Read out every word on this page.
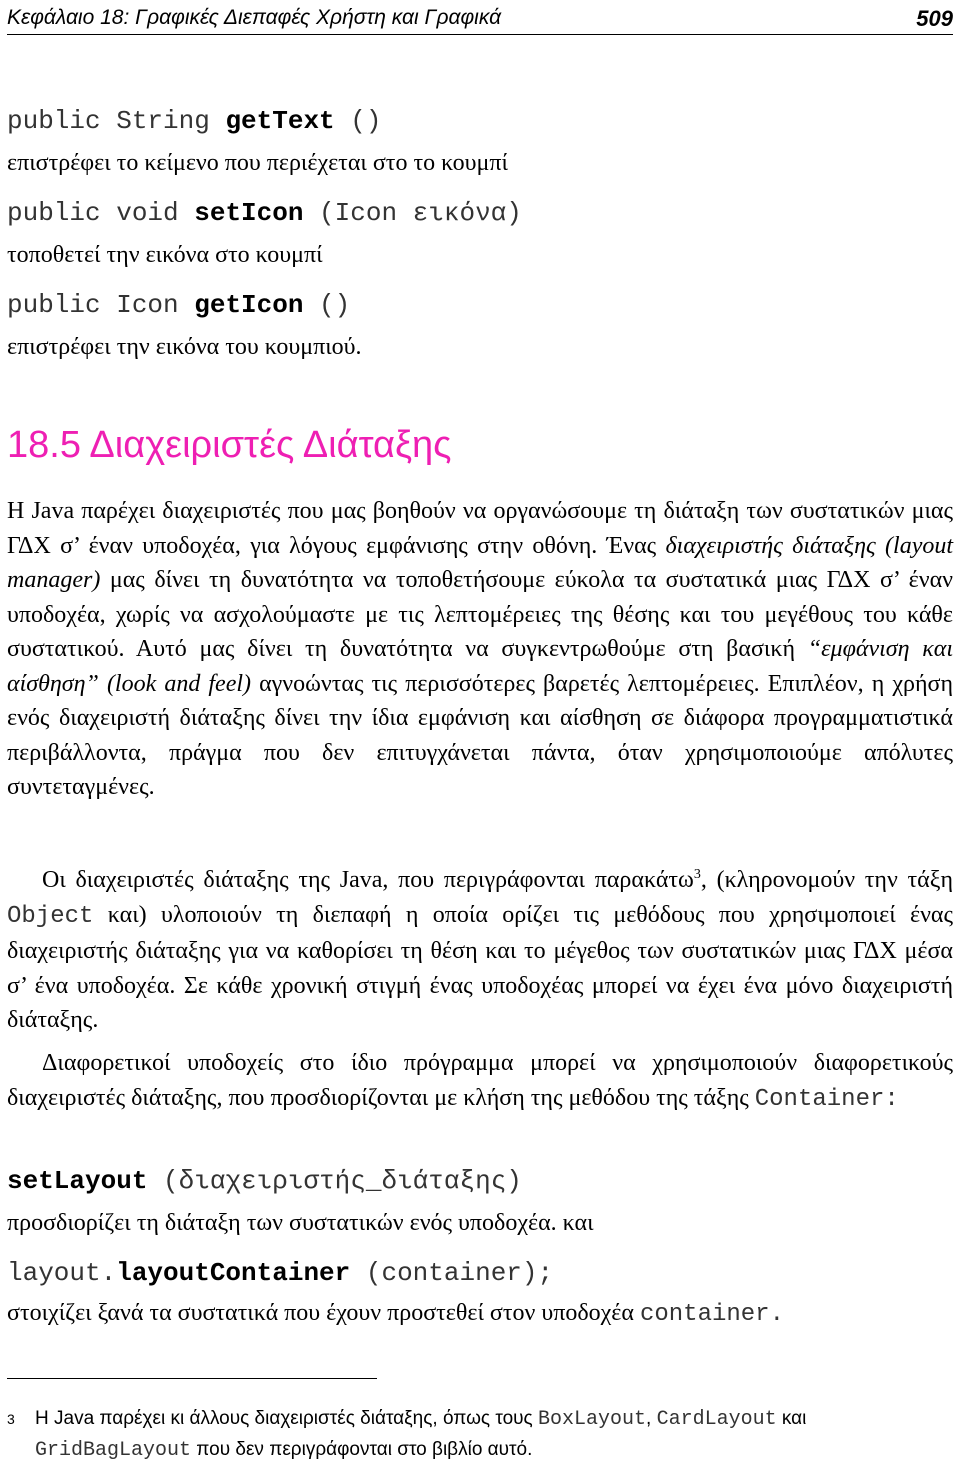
Κεφάλαιο 18: Γραφικές Διεπαφές Χρήστη και Γραφικά	509
public String getText ()
επιστρέφει το κείμενο που περιέχεται στο το κουμπί
public void setIcon (Icon εικόνα)
τοποθετεί την εικόνα στο κουμπί
public Icon getIcon ()
επιστρέφει την εικόνα του κουμπιού.
18.5 Διαχειριστές Διάταξης
Η Java παρέχει διαχειριστές που μας βοηθούν να οργανώσουμε τη διάταξη των συστατικών μιας ΓΔΧ σ’ έναν υποδοχέα, για λόγους εμφάνισης στην οθόνη. Ένας διαχειριστής διάταξης (layout manager) μας δίνει τη δυνατότητα να τοποθετήσουμε εύκολα τα συστατικά μιας ΓΔΧ σ’ έναν υποδοχέα, χωρίς να ασχολούμαστε με τις λεπτομέρειες της θέσης και του μεγέθους του κάθε συστατικού. Αυτό μας δίνει τη δυνατότητα να συγκεντρωθούμε στη βασική “εμφάνιση και αίσθηση” (look and feel) αγνοώντας τις περισσότερες βαρετές λεπτομέρειες. Επιπλέον, η χρήση ενός διαχειριστή διάταξης δίνει την ίδια εμφάνιση και αίσθηση σε διάφορα προγραμματιστικά περιβάλλοντα, πράγμα που δεν επιτυγχάνεται πάντα, όταν χρησιμοποιούμε απόλυτες συντεταγμένες.
Οι διαχειριστές διάταξης της Java, που περιγράφονται παρακάτω$^3$, (κληρονομούν την τάξη Object και) υλοποιούν τη διεπαφή η οποία ορίζει τις μεθόδους που χρησιμοποιεί ένας διαχειριστής διάταξης για να καθορίσει τη θέση και το μέγεθος των συστατικών μιας ΓΔΧ μέσα σ’ ένα υποδοχέα. Σε κάθε χρονική στιγμή ένας υποδοχέας μπορεί να έχει ένα μόνο διαχειριστή διάταξης.
Διαφορετικοί υποδοχείς στο ίδιο πρόγραμμα μπορεί να χρησιμοποιούν διαφορετικούς διαχειριστές διάταξης, που προσδιορίζονται με κλήση της μεθόδου της τάξης Container:
setLayout (διαχειριστής_διάταξης)
προσδιορίζει τη διάταξη των συστατικών ενός υποδοχέα. και
layout.layoutContainer (container);
στοιχίζει ξανά τα συστατικά που έχουν προστεθεί στον υποδοχέα container.
3	Η Java παρέχει κι άλλους διαχειριστές διάταξης, όπως τους BoxLayout, CardLayout και
GridBagLayout που δεν περιγράφονται στο βιβλίο αυτό.
